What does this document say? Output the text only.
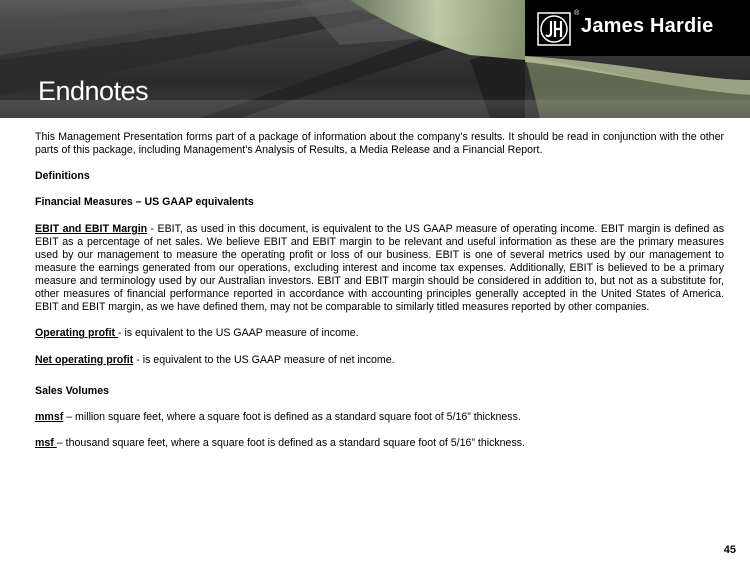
®
James Hardie
Endnotes

This Management Presentation forms part of a package of information about the company’s results. It should be read in conjunction with the other parts of this package, including Management’s Analysis of Results, a Media Release and a Financial Report.

Definitions

Financial Measures – US GAAP equivalents

EBIT and EBIT Margin - EBIT, as used in this document, is equivalent to the US GAAP measure of operating income. EBIT margin is defined as EBIT as a percentage of net sales. We believe EBIT and EBIT margin to be relevant and useful information as these are the primary measures used by our management to measure the operating profit or loss of our business. EBIT is one of several metrics used by our management to measure the earnings generated from our operations, excluding interest and income tax expenses. Additionally, EBIT is believed to be a primary measure and terminology used by our Australian investors. EBIT and EBIT margin should be considered in addition to, but not as a substitute for, other measures of financial performance reported in accordance with accounting principles generally accepted in the United States of America. EBIT and EBIT margin, as we have defined them, may not be comparable to similarly titled measures reported by other companies.

Operating profit - is equivalent to the US GAAP measure of income.

Net operating profit - is equivalent to the US GAAP measure of net income.

Sales Volumes

mmsf – million square feet, where a square foot is defined as a standard square foot of 5/16” thickness.

msf – thousand square feet, where a square foot is defined as a standard square foot of 5/16” thickness.

45
